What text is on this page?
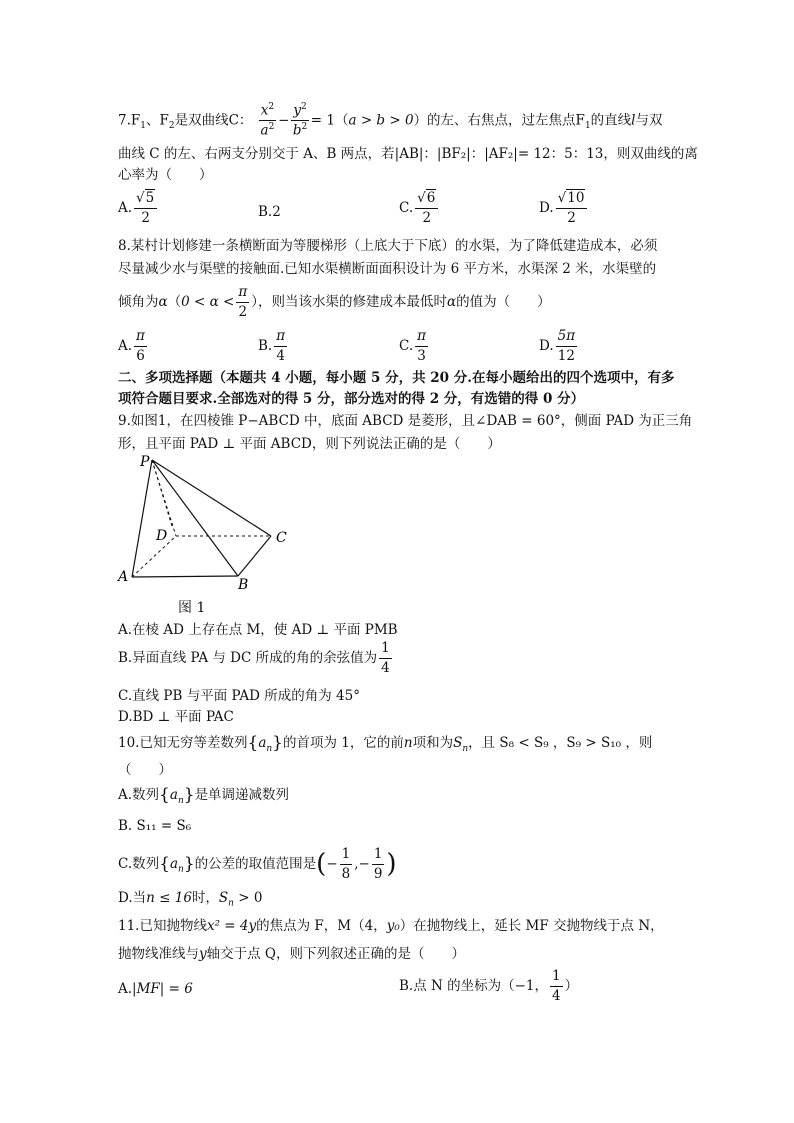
$7.F_1$、$F_2$是双曲线C： $\frac{x^2}{a^2} - \frac{y^2}{b^2} = 1(a > b > 0)$的左、右焦点，过左焦点$F_1$的直线l与双
曲线 C 的左、右两支分别交于 A、B 两点，若|AB|：|BF₂|：|AF₂|= 12：5：13，则双曲线的离
心率为（　　）
A. $\frac{√5}{2}$	B.2	C. $\frac{√6}{2}$	D. $\frac{√10}{2}$
8.某村计划修建一条横断面为等腰梯形（上底大于下底）的水渠，为了降低建造成本，必须
尽量减少水与渠壁的接触面.已知水渠横断面面积设计为 6 平方米，水渠深 2 米，水渠壁的
倾角为$\alpha(0 < \alpha < \frac{\pi}{2}$ ），则当该水渠的修建成本最低时α的值为（　　）
A. $\frac{\pi}{6}$	B. $\frac{\pi}{4}$	C. $\frac{\pi}{3}$	D. $\frac{5\pi}{12}$
二、多项选择题（本题共 4 小题，每小题 5 分，共 20 分.在每小题给出的四个选项中，有多
项符合题目要求.全部选对的得 5 分，部分选对的得 2 分，有选错的得 0 分）
9.如图1，在四棱锥 P−ABCD 中，底面 ABCD 是菱形，且∠DAB = 60°，侧面 PAD 为正三角
形，且平面 PAD ⊥ 平面 ABCD，则下列说法正确的是（　　）
P
D	C
A	B
图 1
A.在棱 AD 上存在点 M，使 AD ⊥ 平面 PMB
B.异面直线 PA 与 DC 所成的角的余弦值为 $\frac{1}{4}$
C.直线 PB 与平面 PAD 所成的角为 45°
D.BD ⊥ 平面 PAC
10.已知无穷等差数列$\{a_n\}$的首项为 1，它的前n项和为$S_n$，且 S₈ < S₉ ，S₉ > S₁₀ ，则
（　　）
A.数列$\{a_n\}$是单调递减数列
B. S₁₁ = S₆
C.数列$\{a_n\}$的公差的取值范围是(− $\frac{1}{8}$ ,− $\frac{1}{9}$ )
D.当n ≤ 16时，$S_n > 0$
11.已知抛物线x² = 4y的焦点为 F，M（4，y₀）在抛物线上，延长 MF 交抛物线于点 N，
抛物线准线与y轴交于点 Q，则下列叙述正确的是（　　）
A.|MF| = 6	B.点 N 的坐标为（−1， $\frac{1}{4}$ ）
